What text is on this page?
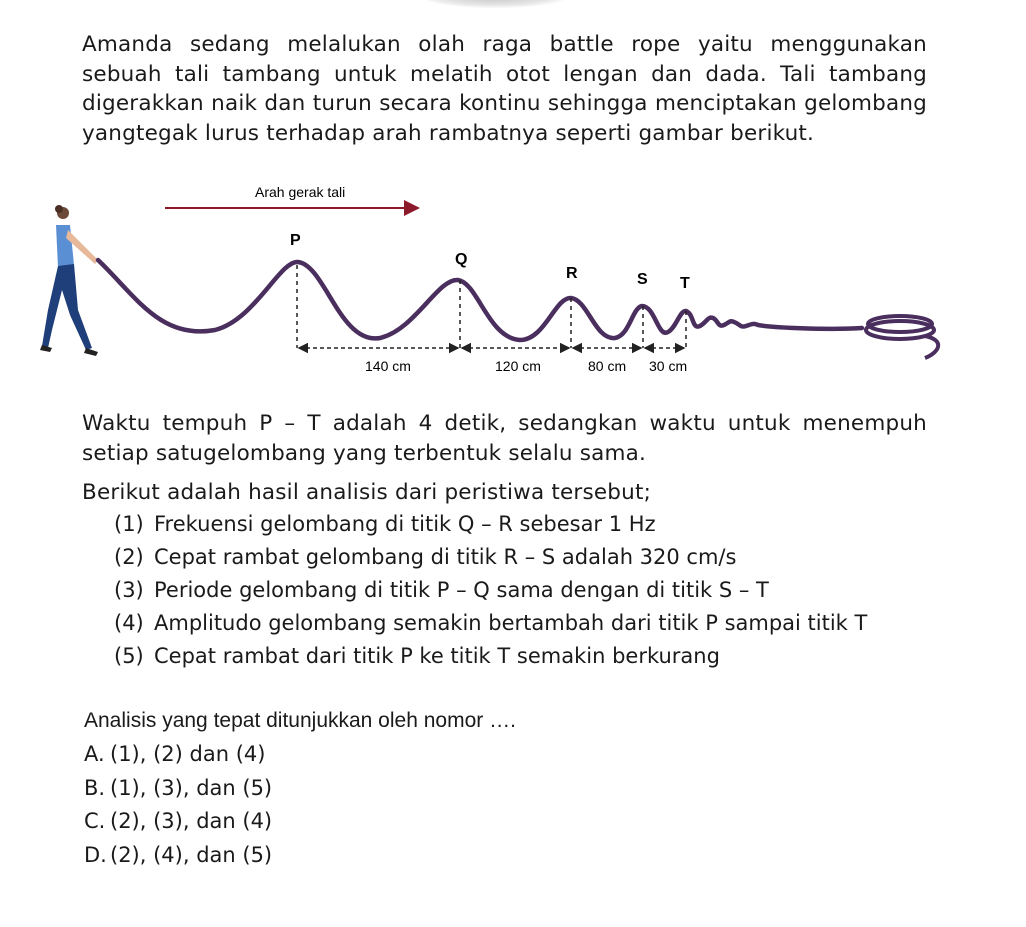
Amanda sedang melalukan olah raga battle rope yaitu menggunakan sebuah tali tambang untuk melatih otot lengan dan dada. Tali tambang digerakkan naik dan turun secara kontinu sehingga menciptakan gelombang yangtegak lurus terhadap arah rambatnya seperti gambar berikut.
Arah gerak tali
P
Q
R	S T
140 cm	120 cm	80 cm 30 cm
Waktu tempuh P – T adalah 4 detik, sedangkan waktu untuk menempuh setiap satugelombang yang terbentuk selalu sama.
Berikut adalah hasil analisis dari peristiwa tersebut;
(1) Frekuensi gelombang di titik Q – R sebesar 1 Hz
(2) Cepat rambat gelombang di titik R – S adalah 320 cm/s
(3) Periode gelombang di titik P – Q sama dengan di titik S – T
(4) Amplitudo gelombang semakin bertambah dari titik P sampai titik T
(5) Cepat rambat dari titik P ke titik T semakin berkurang
Analisis yang tepat ditunjukkan oleh nomor ….
A. (1), (2) dan (4)
B. (1), (3), dan (5)
C. (2), (3), dan (4)
D. (2), (4), dan (5)
